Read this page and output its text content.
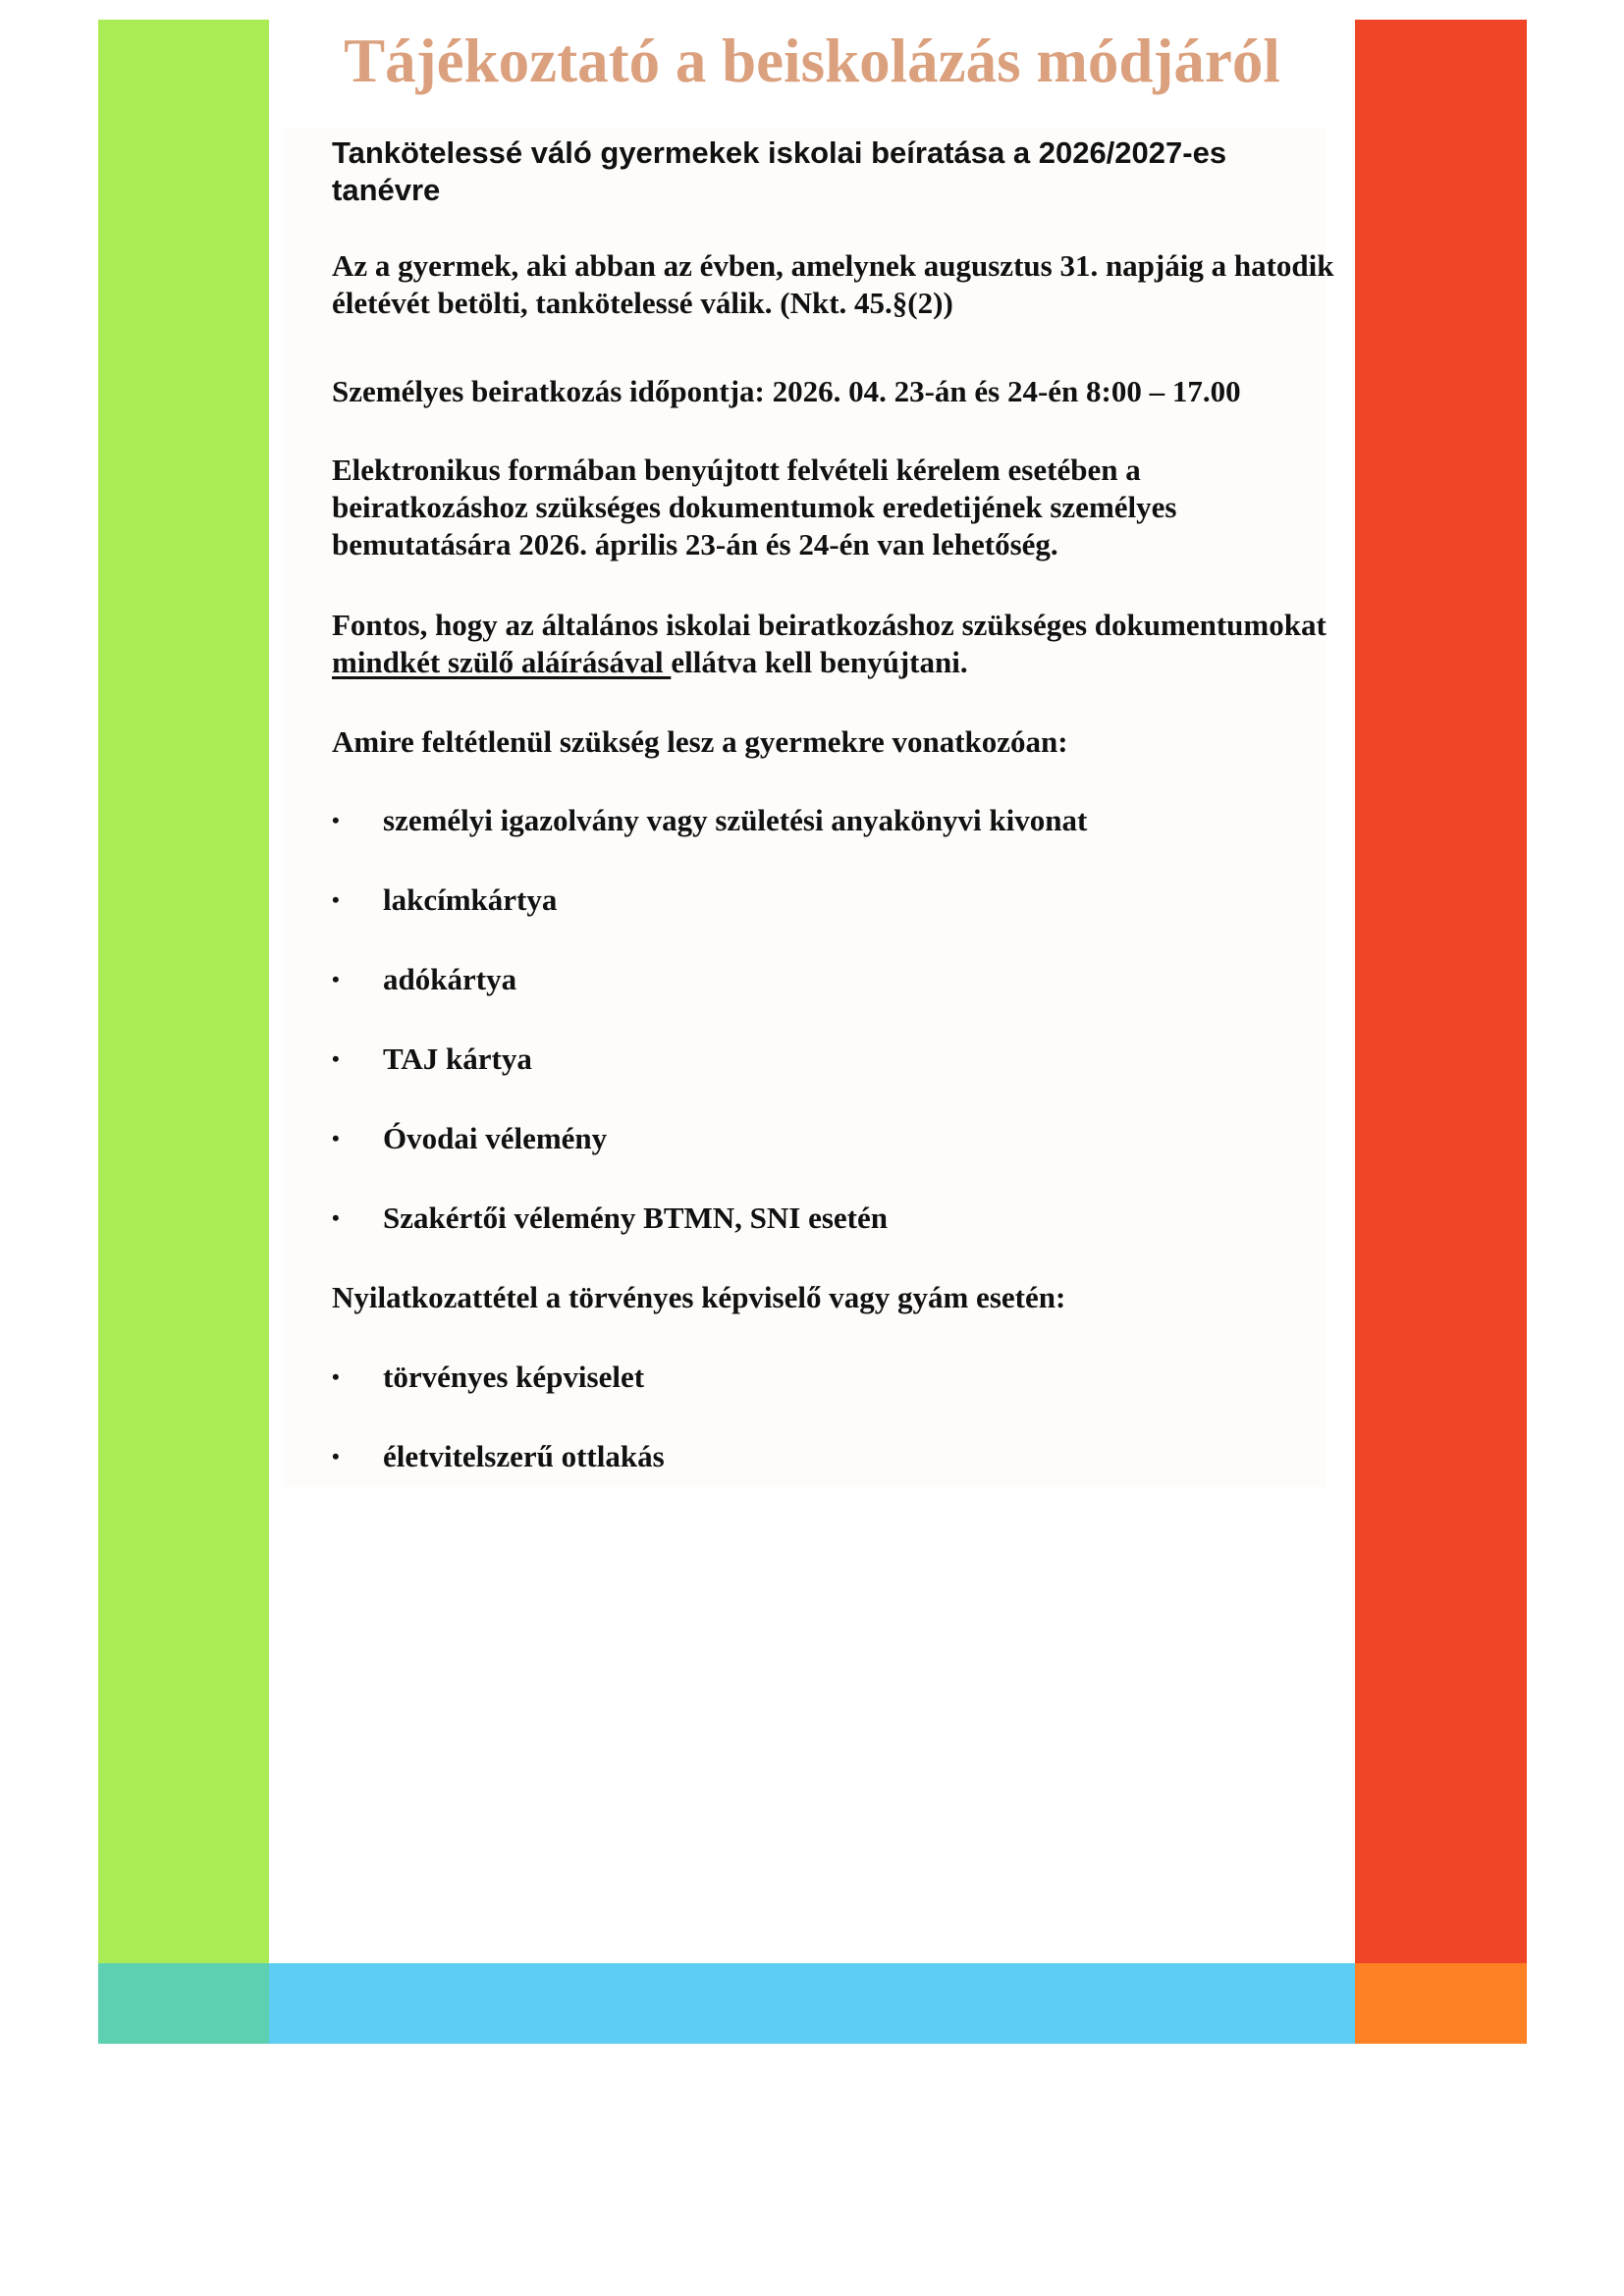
Tájékoztató a beiskolázás módjáról

Tankötelessé váló gyermekek iskolai beíratása a 2026/2027-es tanévre

Az a gyermek, aki abban az évben, amelynek augusztus 31. napjáig a hatodik életévét betölti, tankötelessé válik. (Nkt. 45.§(2))

Személyes beiratkozás időpontja: 2026. 04. 23-án és 24-én 8:00 – 17.00

Elektronikus formában benyújtott felvételi kérelem esetében a beiratkozáshoz szükséges dokumentumok eredetijének személyes bemutatására 2026. április 23-án és 24-én van lehetőség.

Fontos, hogy az általános iskolai beiratkozáshoz szükséges dokumentumokat mindkét szülő aláírásával ellátva kell benyújtani.

Amire feltétlenül szükség lesz a gyermekre vonatkozóan:

•	személyi igazolvány vagy születési anyakönyvi kivonat
•	lakcímkártya
•	adókártya
•	TAJ kártya
•	Óvodai vélemény
•	Szakértői vélemény BTMN, SNI esetén

Nyilatkozattétel a törvényes képviselő vagy gyám esetén:

•	törvényes képviselet
•	életvitelszerű ottlakás
